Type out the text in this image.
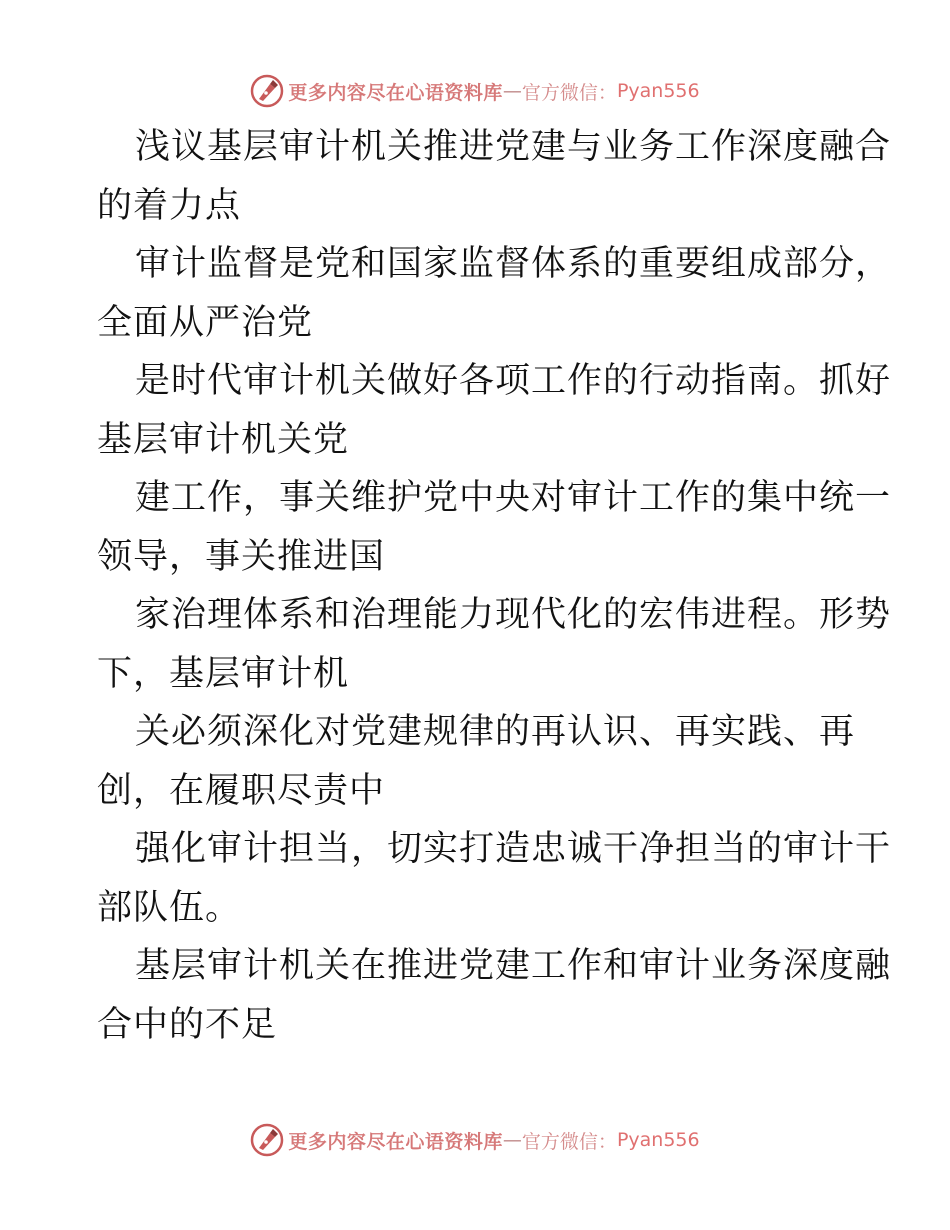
更多内容尽在心语资料库 — 官方微信： Pyan556

浅议基层审计机关推进党建与业务工作深度融合
的着力点

审计监督是党和国家监督体系的重要组成部分，
全面从严治党

是时代审计机关做好各项工作的行动指南。抓好
基层审计机关党

建工作，事关维护党中央对审计工作的集中统一
领导，事关推进国

家治理体系和治理能力现代化的宏伟进程。形势
下，基层审计机

关必须深化对党建规律的再认识、再实践、再
创，在履职尽责中

强化审计担当，切实打造忠诚干净担当的审计干
部队伍。

基层审计机关在推进党建工作和审计业务深度融
合中的不足

更多内容尽在心语资料库 — 官方微信： Pyan556
